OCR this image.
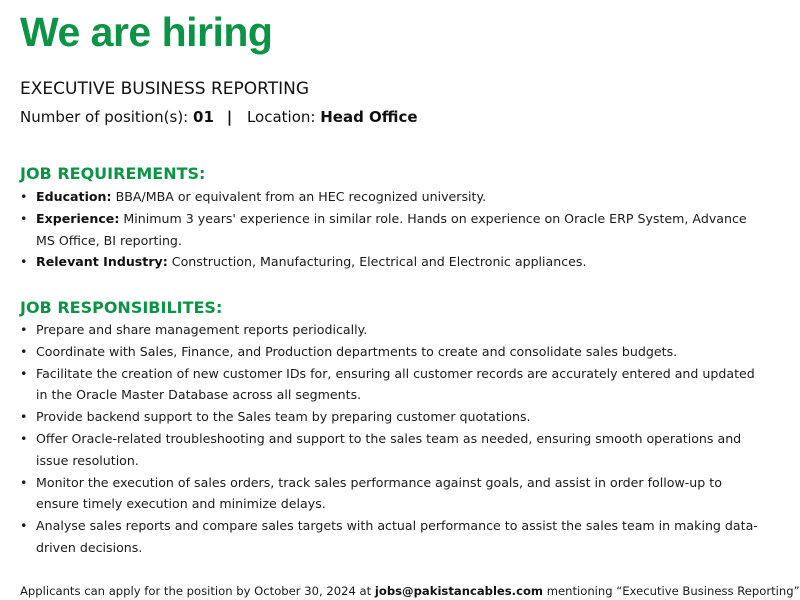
We are hiring
EXECUTIVE BUSINESS REPORTING
Number of position(s): 01 | Location: Head Office
JOB REQUIREMENTS:
• Education: BBA/MBA or equivalent from an HEC recognized university.
• Experience: Minimum 3 years' experience in similar role. Hands on experience on Oracle ERP System, Advance MS Office, BI reporting.
• Relevant Industry: Construction, Manufacturing, Electrical and Electronic appliances.
JOB RESPONSIBILITES:
• Prepare and share management reports periodically.
• Coordinate with Sales, Finance, and Production departments to create and consolidate sales budgets.
• Facilitate the creation of new customer IDs for, ensuring all customer records are accurately entered and updated in the Oracle Master Database across all segments.
• Provide backend support to the Sales team by preparing customer quotations.
• Offer Oracle-related troubleshooting and support to the sales team as needed, ensuring smooth operations and issue resolution.
• Monitor the execution of sales orders, track sales performance against goals, and assist in order follow-up to ensure timely execution and minimize delays.
• Analyse sales reports and compare sales targets with actual performance to assist the sales team in making data-driven decisions.
Applicants can apply for the position by October 30, 2024 at jobs@pakistancables.com mentioning “Executive Business Reporting”
